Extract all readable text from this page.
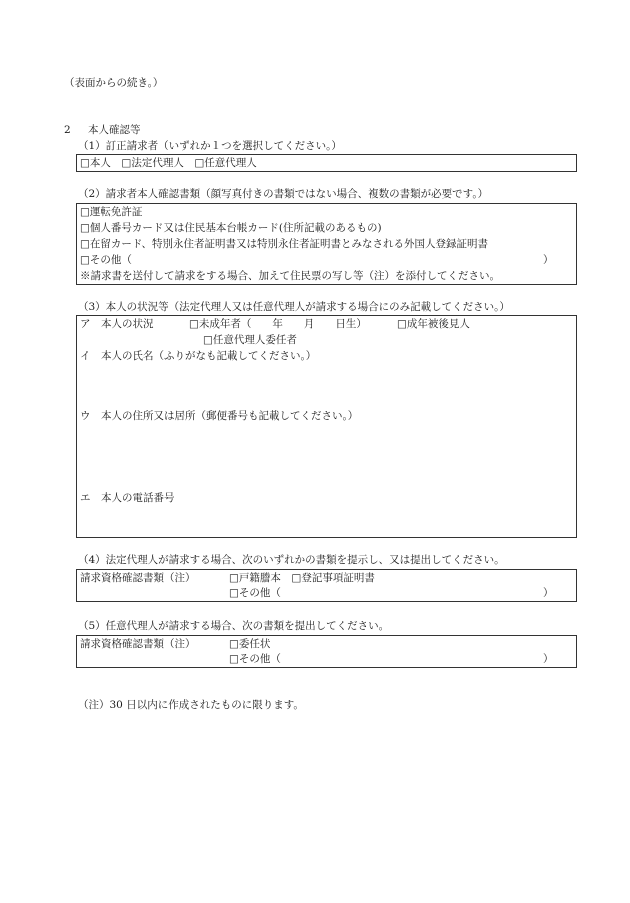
（表面からの続き。）
2 本人確認等
（1）訂正請求者（いずれか１つを選択してください。）
□本人　□法定代理人　□任意代理人
（2）請求者本人確認書類（顔写真付きの書類ではない場合、複数の書類が必要です。）
□運転免許証
□個人番号カード又は住民基本台帳カード(住所記載のあるもの)
□在留カード、特別永住者証明書又は特別永住者証明書とみなされる外国人登録証明書
□その他（	）
※請求書を送付して請求をする場合、加えて住民票の写し等（注）を添付してください。
（3）本人の状況等（法定代理人又は任意代理人が請求する場合にのみ記載してください。）
ア　本人の状況	□未成年者（　　年　　月　　日生）	□成年被後見人
□任意代理人委任者
イ　本人の氏名（ふりがなも記載してください。）
ウ　本人の住所又は居所（郵便番号も記載してください。）
エ　本人の電話番号
（4）法定代理人が請求する場合、次のいずれかの書類を提示し、又は提出してください。
請求資格確認書類（注）	□戸籍謄本　□登記事項証明書
□その他（	）
（5）任意代理人が請求する場合、次の書類を提出してください。
請求資格確認書類（注）	□委任状
□その他（	）
（注）30 日以内に作成されたものに限ります。
